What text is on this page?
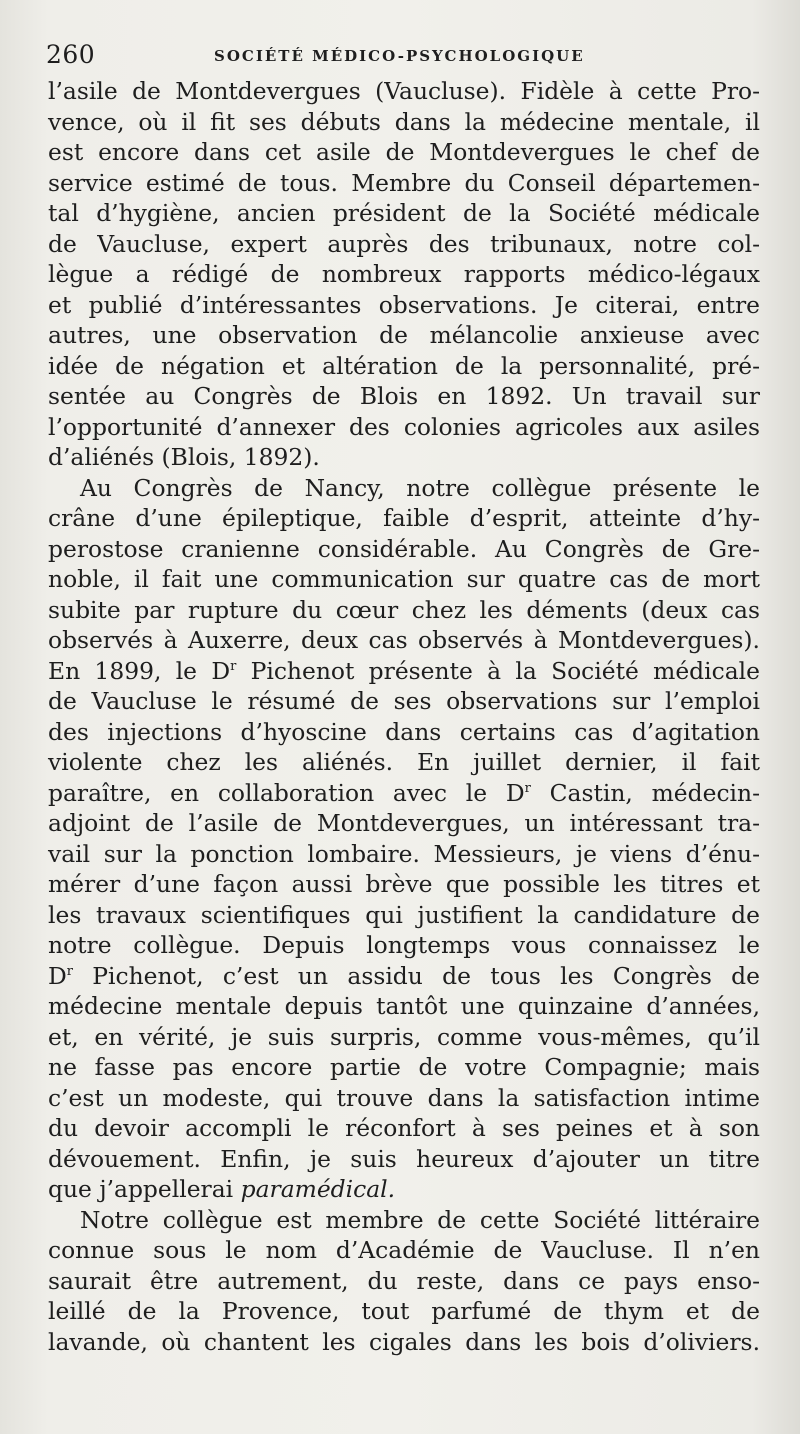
260	SOCIÉTÉ MÉDICO-PSYCHOLOGIQUE
l’asile de Montdevergues (Vaucluse). Fidèle à cette Pro-
vence, où il fit ses débuts dans la médecine mentale, il
est encore dans cet asile de Montdevergues le chef de
service estimé de tous. Membre du Conseil départemen-
tal d’hygiène, ancien président de la Société médicale
de Vaucluse, expert auprès des tribunaux, notre col-
lègue a rédigé de nombreux rapports médico-légaux
et publié d’intéressantes observations. Je citerai, entre
autres, une observation de mélancolie anxieuse avec
idée de négation et altération de la personnalité, pré-
sentée au Congrès de Blois en 1892. Un travail sur
l’opportunité d’annexer des colonies agricoles aux asiles
d’aliénés (Blois, 1892).
Au Congrès de Nancy, notre collègue présente le
crâne d’une épileptique, faible d’esprit, atteinte d’hy-
perostose cranienne considérable. Au Congrès de Gre-
noble, il fait une communication sur quatre cas de mort
subite par rupture du cœur chez les déments (deux cas
observés à Auxerre, deux cas observés à Montdevergues).
En 1899, le $D^r$ Pichenot présente à la Société médicale
de Vaucluse le résumé de ses observations sur l’emploi
des injections d’hyoscine dans certains cas d’agitation
violente chez les aliénés. En juillet dernier, il fait
paraître, en collaboration avec le $D^r$ Castin, médecin-
adjoint de l’asile de Montdevergues, un intéressant tra-
vail sur la ponction lombaire. Messieurs, je viens d’énu-
mérer d’une façon aussi brève que possible les titres et
les travaux scientifiques qui justifient la candidature de
notre collègue. Depuis longtemps vous connaissez le
$D^r$ Pichenot, c’est un assidu de tous les Congrès de
médecine mentale depuis tantôt une quinzaine d’années,
et, en vérité, je suis surpris, comme vous-mêmes, qu’il
ne fasse pas encore partie de votre Compagnie; mais
c’est un modeste, qui trouve dans la satisfaction intime
du devoir accompli le réconfort à ses peines et à son
dévouement. Enfin, je suis heureux d’ajouter un titre
que j’appellerai paramédical.
Notre collègue est membre de cette Société littéraire
connue sous le nom d’Académie de Vaucluse. Il n’en
saurait être autrement, du reste, dans ce pays enso-
leillé de la Provence, tout parfumé de thym et de
lavande, où chantent les cigales dans les bois d’oliviers.
